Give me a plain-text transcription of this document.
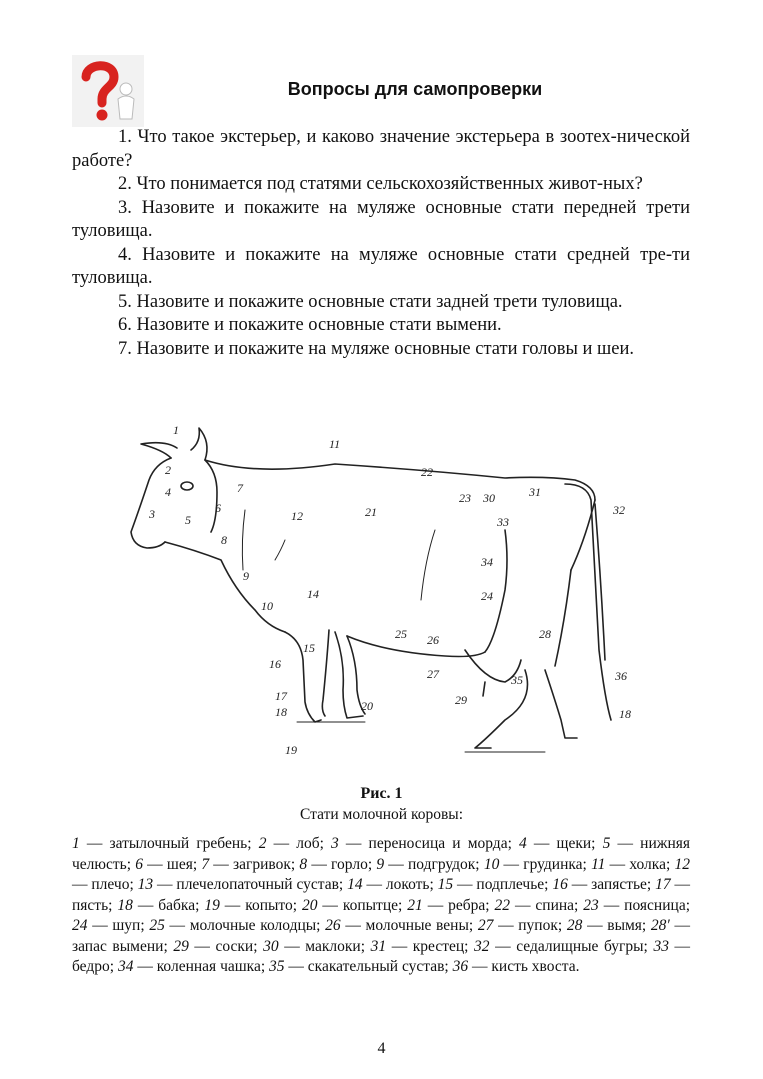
Вопросы для самопроверки

1. Что такое экстерьер, и каково значение экстерьера в зоотех-нической работе?

2. Что понимается под статями сельскохозяйственных живот-ных?

3. Назовите и покажите на муляже основные стати передней трети туловища.

4. Назовите и покажите на муляже основные стати средней тре-ти туловища.

5. Назовите и покажите основные стати задней трети туловища.

6. Назовите и покажите основные стати вымени.

7. Назовите и покажите на муляже основные стати головы и шеи.

1
2
3
4
5
6
7
8
9
10
11
12
14
15
16
17
18
19
20
21
22
23
24
25 26
27
28
29
30	31
32
33
34
35	36
18
Рис. 1
Стати молочной коровы:
1 — затылочный гребень; 2 — лоб; 3 — переносица и морда; 4 — щеки; 5 — нижняя челюсть; 6 — шея; 7 — загривок; 8 — горло; 9 — подгрудок; 10 — грудинка; 11 — холка; 12 — плечо; 13 — плечелопаточный сустав; 14 — локоть; 15 — подплечье; 16 — запястье; 17 — пясть; 18 — бабка; 19 — копыто; 20 — копытце; 21 — ребра; 22 — спина; 23 — поясница; 24 — шуп; 25 — молочные колодцы; 26 — молочные вены; 27 — пупок; 28 — вымя; 28′ — запас вымени; 29 — соски; 30 — маклоки; 31 — крестец; 32 — седалищные бугры; 33 — бедро; 34 — коленная чашка; 35 — скакательный сустав; 36 — кисть хвоста.
4
